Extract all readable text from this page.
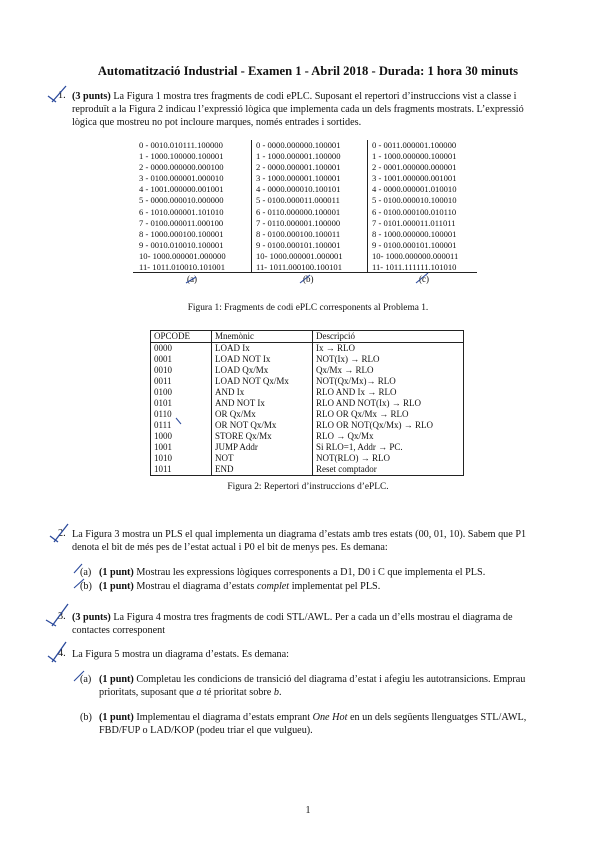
Automatització Industrial - Examen 1 - Abril 2018 - Durada: 1 hora 30 minuts
1. (3 punts) La Figura 1 mostra tres fragments de codi ePLC. Suposant el repertori d’instruccions vist a classe i

reproduït a la Figura 2 indicau l’expressió lògica que implementa cada un dels fragments mostrats. L’expressió

lògica que mostreu no pot incloure marques, només entrades i sortides.

0 - 0010.010111.100000
1 - 1000.100000.100001
2 - 0000.000000.000100
3 - 0100.000001.000010
4 - 1001.000000.001001
5 - 0000.000010.000000
6 - 1010.000001.101010
7 - 0100.000011.000100
8 - 1000.000100.100001
9 - 0010.010010.100001
10- 1000.000001.000000
11- 1011.010010.101001
0 - 0000.000000.100001
1 - 1000.000001.100000
2 - 0000.000001.100001
3 - 1000.000001.100001
4 - 0000.000010.100101
5 - 0100.000011.000011
6 - 0110.000000.100001
7 - 0110.000001.100000
8 - 0100.000100.100011
9 - 0100.000101.100001
10- 1000.000001.000001
11- 1011.000100.100101
0 - 0011.000001.100000
1 - 1000.000000.100001
2 - 0001.000000.000001
3 - 1001.000000.001001
4 - 0000.000001.010010
5 - 0100.000010.100010
6 - 0100.000100.010110
7 - 0101.000011.011011
8 - 1000.000000.100001
9 - 0100.000101.100001
10- 1000.000000.000011
11- 1011.111111.101010
(a)	(b)	(c)
Figura 1: Fragments de codi ePLC corresponents al Problema 1.
OPCODE	Mnemònic	Descripció
0000	LOAD Ix	Ix → RLO
0001	LOAD NOT Ix	NOT(Ix) → RLO
0010	LOAD Qx/Mx	Qx/Mx → RLO
0011	LOAD NOT Qx/Mx	NOT(Qx/Mx)→ RLO
0100	AND Ix	RLO AND Ix → RLO
0101	AND NOT Ix	RLO AND NOT(Ix) → RLO
0110	OR Qx/Mx	RLO OR Qx/Mx → RLO
0111	OR NOT Qx/Mx	RLO OR NOT(Qx/Mx) → RLO
1000	STORE Qx/Mx	RLO → Qx/Mx
1001	JUMP Addr	Si RLO=1, Addr → PC.
1010	NOT	NOT(RLO) → RLO
1011	END	Reset comptador
Figura 2: Repertori d’instruccions d’ePLC.
2. La Figura 3 mostra un PLS el qual implementa un diagrama d’estats amb tres estats (00, 01, 10). Sabem que P1

denota el bit de més pes de l’estat actual i P0 el bit de menys pes. Es demana:

(a) (1 punt) Mostrau les expressions lògiques corresponents a D1, D0 i C que implementa el PLS.
(b) (1 punt) Mostrau el diagrama d’estats complet implementat pel PLS.
3. (3 punts) La Figura 4 mostra tres fragments de codi STL/AWL. Per a cada un d’ells mostrau el diagrama de

contactes corresponent

4. La Figura 5 mostra un diagrama d’estats. Es demana:

(a) (1 punt) Completau les condicions de transició del diagrama d’estat i afegiu les autotransicions. Emprau
prioritats, suposant que a té prioritat sobre b.
(b) (1 punt) Implementau el diagrama d’estats emprant One Hot en un dels següents llenguatges STL/AWL,
FBD/FUP o LAD/KOP (podeu triar el que vulgueu).
1
